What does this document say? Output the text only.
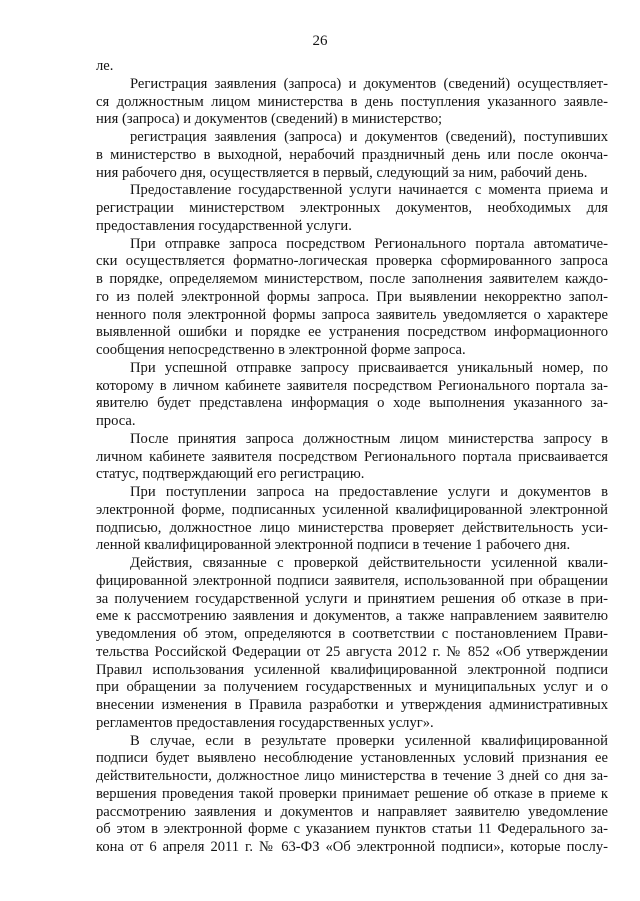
26
ле.
Регистрация заявления (запроса) и документов (сведений) осуществляет-
ся должностным лицом министерства в день поступления указанного заявле-
ния (запроса) и документов (сведений) в министерство;
регистрация заявления (запроса) и документов (сведений), поступивших
в министерство в выходной, нерабочий праздничный день или после оконча-
ния рабочего дня, осуществляется в первый, следующий за ним, рабочий день.
Предоставление государственной услуги начинается с момента приема и
регистрации министерством электронных документов, необходимых для
предоставления государственной услуги.
При отправке запроса посредством Регионального портала автоматиче-
ски осуществляется форматно-логическая проверка сформированного запроса
в порядке, определяемом министерством, после заполнения заявителем каждо-
го из полей электронной формы запроса. При выявлении некорректно запол-
ненного поля электронной формы запроса заявитель уведомляется о характере
выявленной ошибки и порядке ее устранения посредством информационного
сообщения непосредственно в электронной форме запроса.
При успешной отправке запросу присваивается уникальный номер, по
которому в личном кабинете заявителя посредством Регионального портала за-
явителю будет представлена информация о ходе выполнения указанного за-
проса.
После принятия запроса должностным лицом министерства запросу в
личном кабинете заявителя посредством Регионального портала присваивается
статус, подтверждающий его регистрацию.
При поступлении запроса на предоставление услуги и документов в
электронной форме, подписанных усиленной квалифицированной электронной
подписью, должностное лицо министерства проверяет действительность уси-
ленной квалифицированной электронной подписи в течение 1 рабочего дня.
Действия, связанные с проверкой действительности усиленной квали-
фицированной электронной подписи заявителя, использованной при обращении
за получением государственной услуги и принятием решения об отказе в при-
еме к рассмотрению заявления и документов, а также направлением заявителю
уведомления об этом, определяются в соответствии с постановлением Прави-
тельства Российской Федерации от 25 августа 2012 г. № 852 «Об утверждении
Правил использования усиленной квалифицированной электронной подписи
при обращении за получением государственных и муниципальных услуг и о
внесении изменения в Правила разработки и утверждения административных
регламентов предоставления государственных услуг».
В случае, если в результате проверки усиленной квалифицированной
подписи будет выявлено несоблюдение установленных условий признания ее
действительности, должностное лицо министерства в течение 3 дней со дня за-
вершения проведения такой проверки принимает решение об отказе в приеме к
рассмотрению заявления и документов и направляет заявителю уведомление
об этом в электронной форме с указанием пунктов статьи 11 Федерального за-
кона от 6 апреля 2011 г. № 63-ФЗ «Об электронной подписи», которые послу-
